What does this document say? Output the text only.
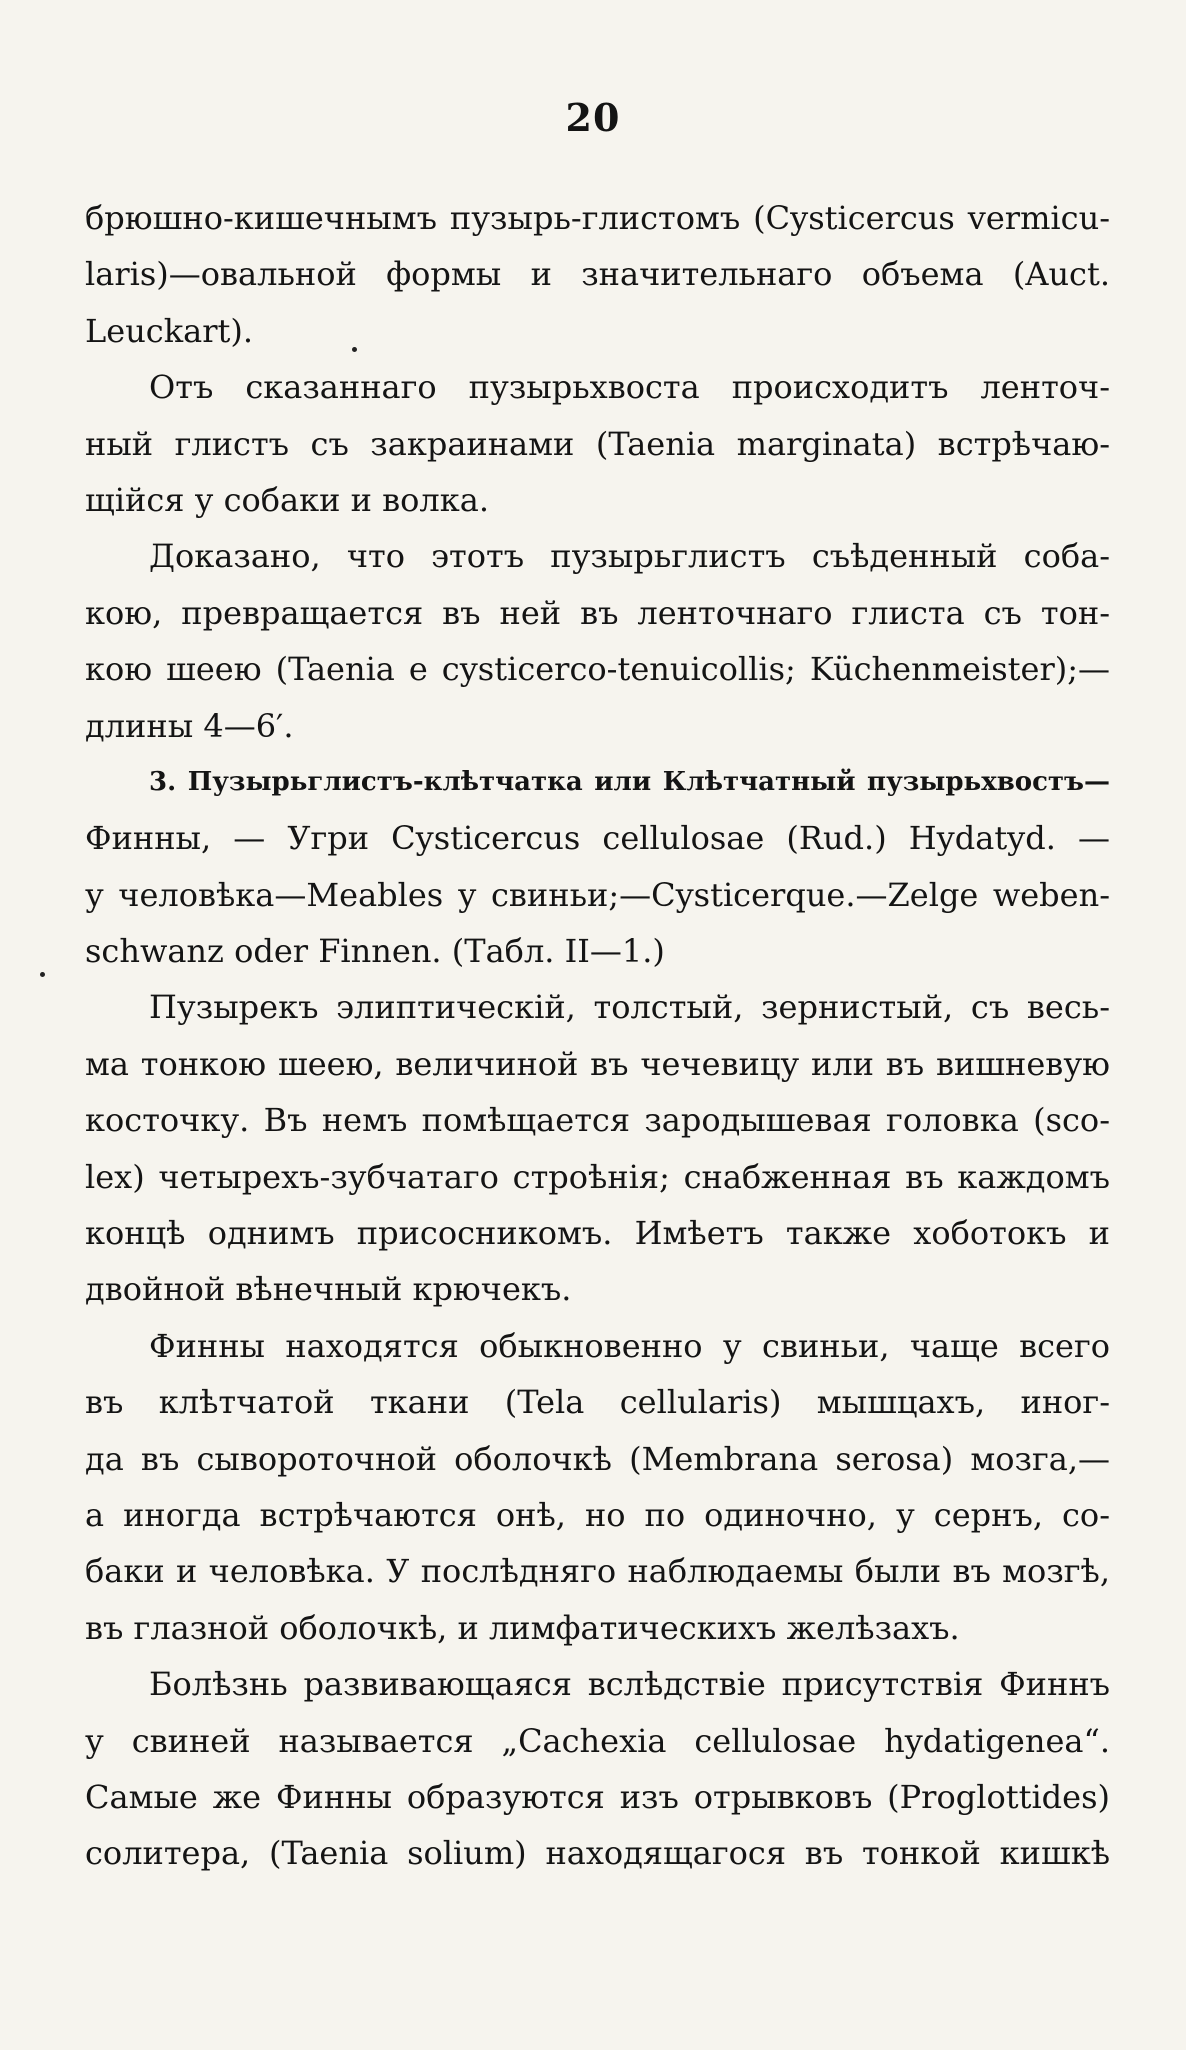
20
брюшно-кишечнымъ пузырь-глистомъ (Cysticercus vermicu-
laris)—овальной формы и значительнаго объема (Auct.
Leuckart).
Отъ сказаннаго пузырьхвоста происходитъ ленточ-
ный глистъ съ закраинами (Taenia marginata) встрѣчаю-
щійся у собаки и волка.
Доказано, что этотъ пузырьглистъ съѣденный соба-
кою, превращается въ ней въ ленточнаго глиста съ тон-
кою шеею (Taenia e cysticerco-tenuicollis; Küchenmeister);—
длины 4—6′.
3. Пузырьглистъ-клѣтчатка или Клѣтчатный пузырьхвостъ—
Финны, — Угри Cysticercus cellulosae (Rud.) Hydatyd. —
у человѣка—Meables у свиньи;—Cysticerque.—Zelge weben-
schwanz oder Finnen. (Табл. II—1.)
Пузырекъ элиптическій, толстый, зернистый, съ весь-
ма тонкою шеею, величиной въ чечевицу или въ вишневую
косточку. Въ немъ помѣщается зародышевая головка (sco-
lex) четырехъ-зубчатаго строѣнія; снабженная въ каждомъ
концѣ однимъ присосникомъ. Имѣетъ также хоботокъ и
двойной вѣнечный крючекъ.
Финны находятся обыкновенно у свиньи, чаще всего
въ клѣтчатой ткани (Tela cellularis) мышцахъ, иног-
да въ сывороточной оболочкѣ (Membrana serosa) мозга,—
а иногда встрѣчаются онѣ, но по одиночно, у сернъ, со-
баки и человѣка. У послѣдняго наблюдаемы были въ мозгѣ,
въ глазной оболочкѣ, и лимфатическихъ желѣзахъ.
Болѣзнь развивающаяся вслѣдствіе присутствія Финнъ
у свиней называется „Cachexia cellulosae hydatigenea“.
Самые же Финны образуются изъ отрывковъ (Proglottides)
солитера, (Taenia solium) находящагося въ тонкой кишкѣ
